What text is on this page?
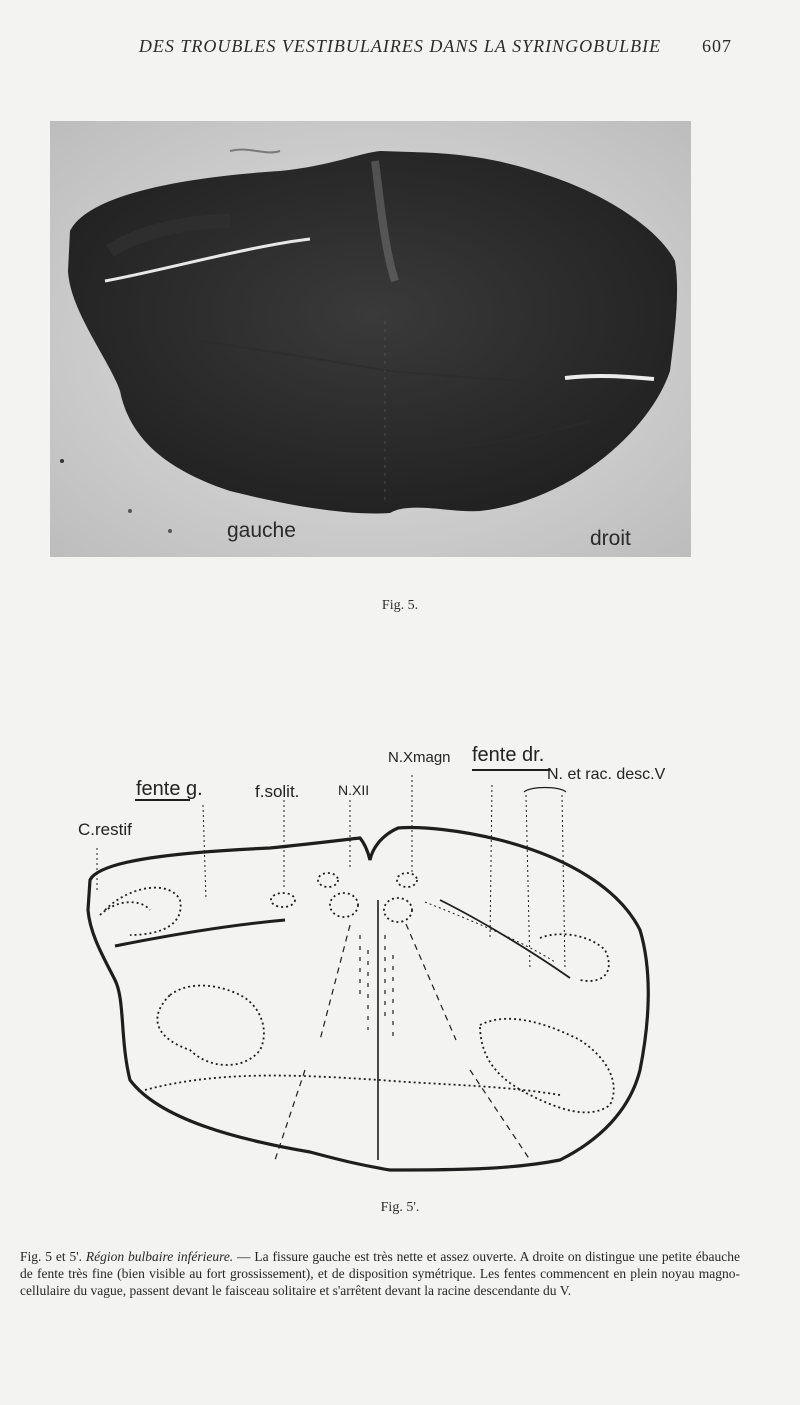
DES TROUBLES VESTIBULAIRES DANS LA SYRINGOBULBIE 607
gauche	droit
Fig. 5.
C.restif
fente g.	f.solit.	N.XII
N.Xmagn fente dr.
N. et rac. desc.V
Fig. 5'.
Fig. 5 et 5'. Région bulbaire inférieure. — La fissure gauche est très nette et assez ouverte. A droite on distingue une petite ébauche de fente très fine (bien visible au fort grossissement), et de disposition symétrique. Les fentes commencent en plein noyau magno-cellulaire du vague, passent devant le faisceau solitaire et s'arrêtent devant la racine descendante du V.
